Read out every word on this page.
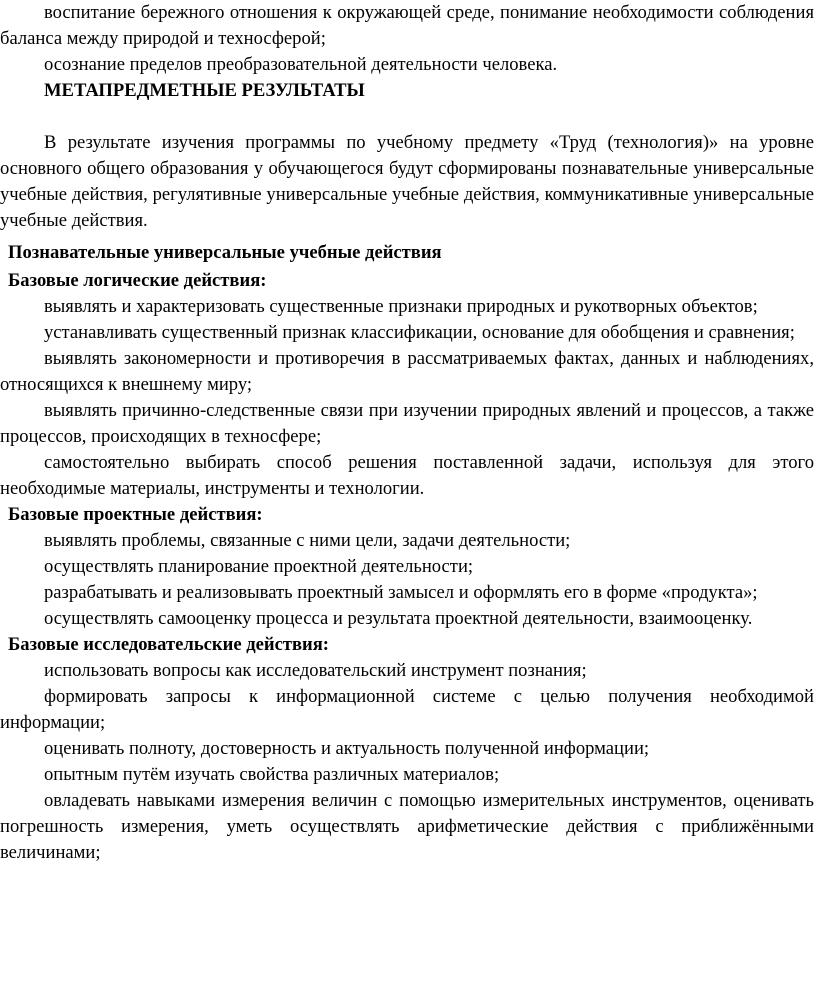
воспитание бережного отношения к окружающей среде, понимание необходимости соблюдения баланса между природой и техносферой;

осознание пределов преобразовательной деятельности человека.

МЕТАПРЕДМЕТНЫЕ РЕЗУЛЬТАТЫ

В результате изучения программы по учебному предмету «Труд (технология)» на уровне основного общего образования у обучающегося будут сформированы познавательные универсальные учебные действия, регулятивные универсальные учебные действия, коммуникативные универсальные учебные действия.

Познавательные универсальные учебные действия

Базовые логические действия:

выявлять и характеризовать существенные признаки природных и рукотворных объектов;

устанавливать существенный признак классификации, основание для обобщения и сравнения;

выявлять закономерности и противоречия в рассматриваемых фактах, данных и наблюдениях, относящихся к внешнему миру;

выявлять причинно-следственные связи при изучении природных явлений и процессов, а также процессов, происходящих в техносфере;

самостоятельно выбирать способ решения поставленной задачи, используя для этого необходимые материалы, инструменты и технологии.

Базовые проектные действия:

выявлять проблемы, связанные с ними цели, задачи деятельности;

осуществлять планирование проектной деятельности;

разрабатывать и реализовывать проектный замысел и оформлять его в форме «продукта»;

осуществлять самооценку процесса и результата проектной деятельности, взаимооценку.

Базовые исследовательские действия:

использовать вопросы как исследовательский инструмент познания;

формировать запросы к информационной системе с целью получения необходимой информации;

оценивать полноту, достоверность и актуальность полученной информации;

опытным путём изучать свойства различных материалов;

овладевать навыками измерения величин с помощью измерительных инструментов, оценивать погрешность измерения, уметь осуществлять арифметические действия с приближёнными величинами;
